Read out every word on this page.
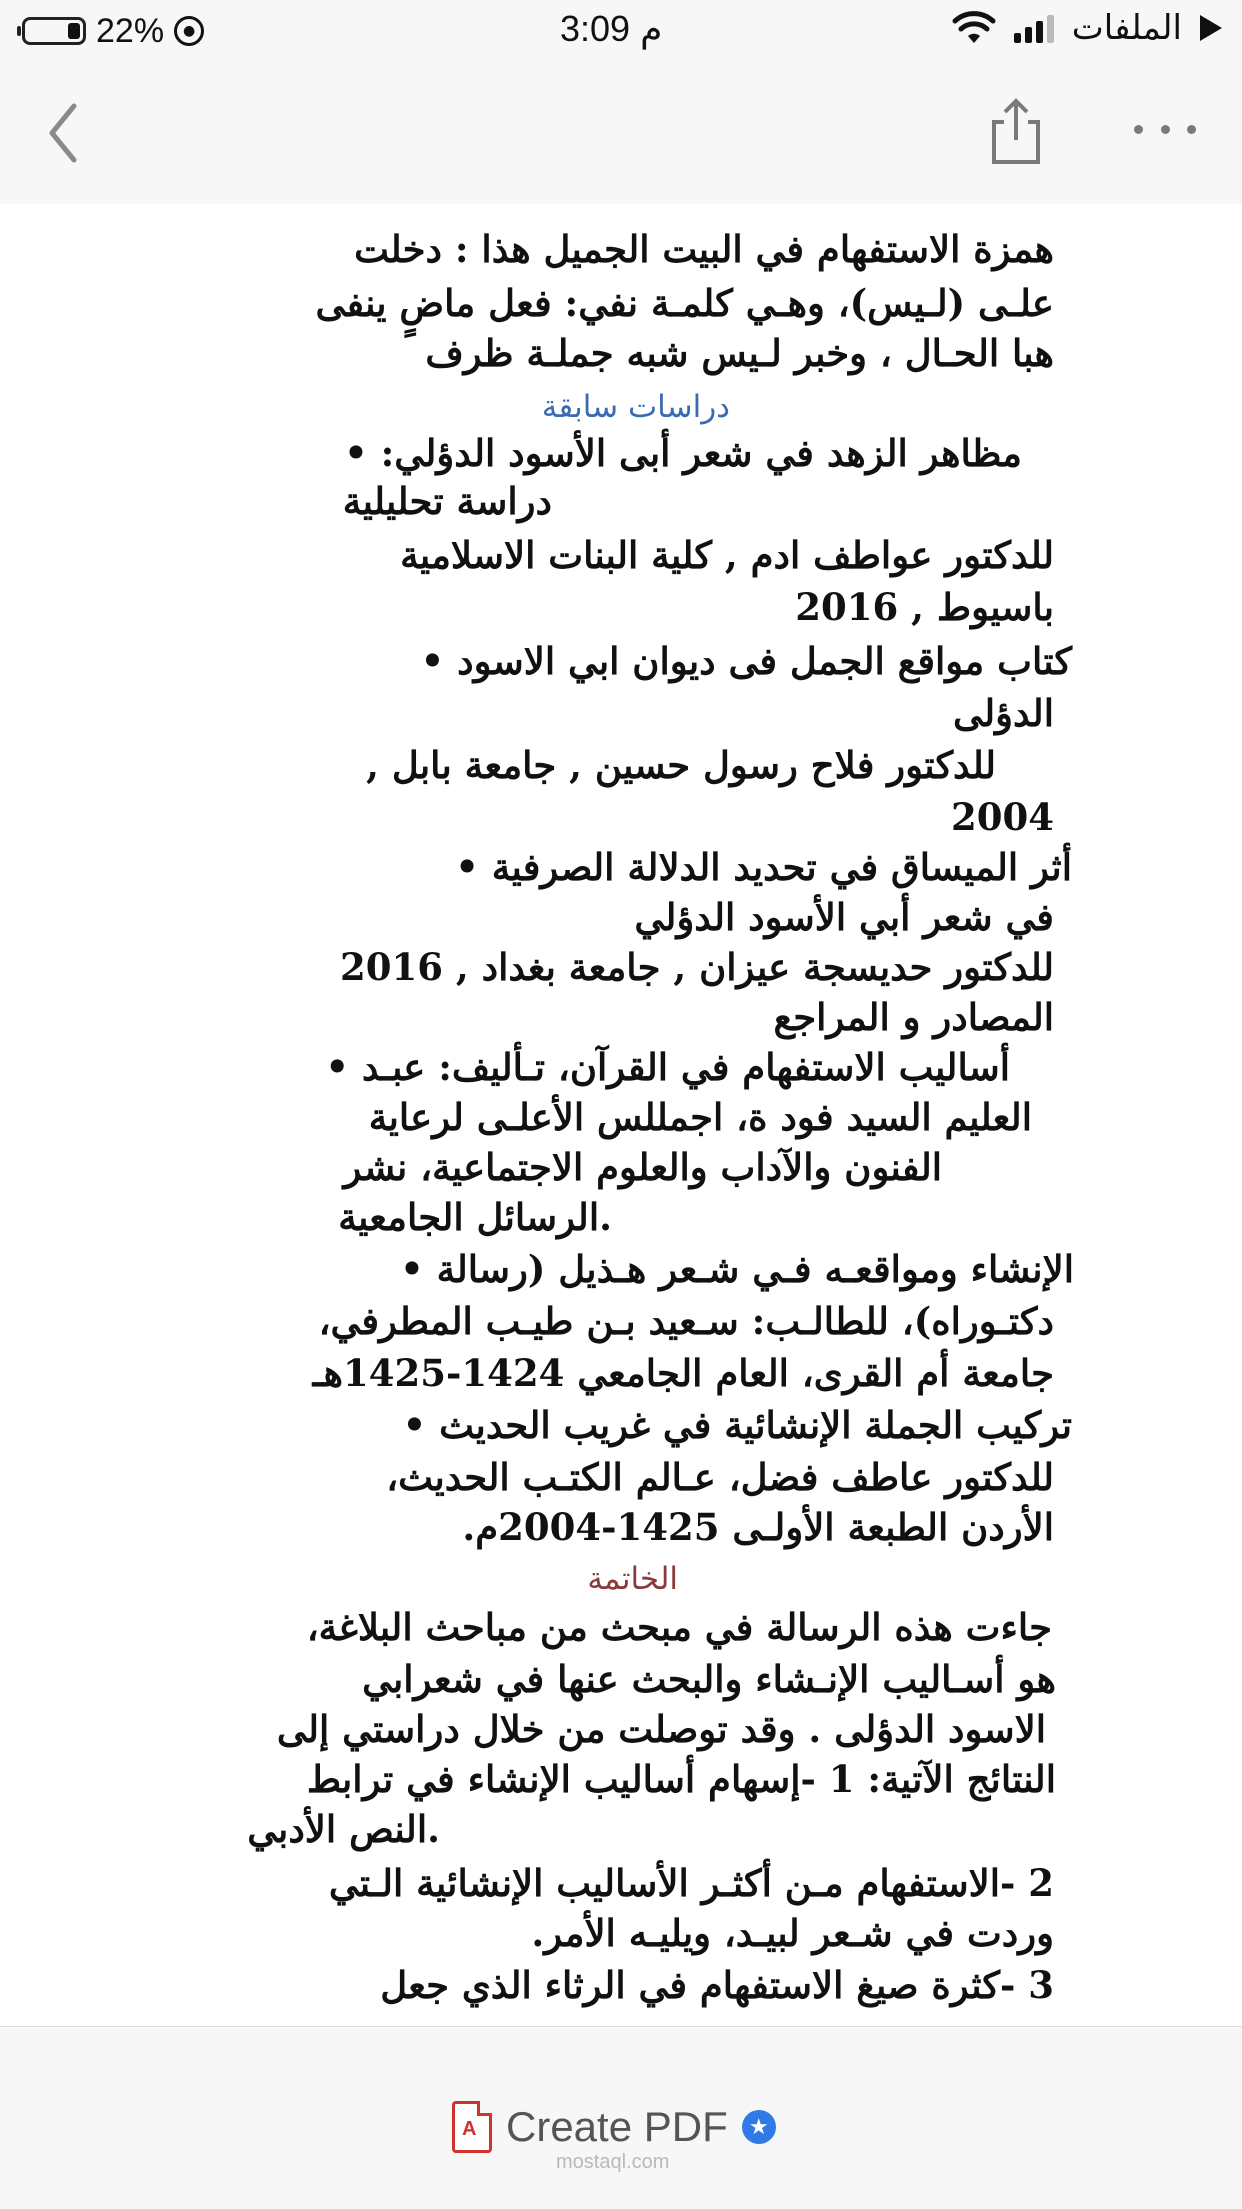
22%	●	3:09 م	الملفات
همزة الاستفهام في البيت الجميل هذا : دخلت
علـى (لـيس)، وهـي كلمـة نفي: فعل ماضٍ ينفى
هبا الحـال ، وخبر لـيس شبه جملـة ظرف
دراسات سابقة
مظاهر الزهد في شعر أبى الأسود الدؤلي: •
دراسة تحليلية
للدكتور عواطف ادم , كلية البنات الاسلامية
باسيوط , 2016
كتاب مواقع الجمل فى ديوان ابي الاسود •
الدؤلى
للدكتور فلاح رسول حسين , جامعة بابل ,
2004
أثر الميساق في تحديد الدلالة الصرفية •
في شعر أبي الأسود الدؤلي
للدكتور حديسجة عيزان , جامعة بغداد , 2016
المصادر و المراجع
أساليب الاستفهام في القرآن، تـأليف: عبـد •
العليم السيد فود ة، اجمللس الأعلـى لرعاية
الفنون والآداب والعلوم الاجتماعية، نشر
.الرسائل الجامعية
الإنشاء ومواقعـه فـي شـعر هـذيل (رسالة •
دكتـوراه)، للطالـب: سـعيد بـن طيـب المطرفي،
جامعة أم القرى، العام الجامعي 1424-1425هـ
تركيب الجملة الإنشائية في غريب الحديث •
للدكتور عاطف فضل، عـالم الكتـب الحديث،
الأردن الطبعة الأولـى 1425-2004م.
الخاتمة
جاءت هذه الرسالة في مبحث من مباحث البلاغة،
هو أسـاليب الإنـشاء والبحث عنها في شعرابي
الاسود الدؤلى . وقد توصلت من خلال دراستي إلى
النتائج الآتية: 1 -إسهام أساليب الإنشاء في ترابط
.النص الأدبي
2 -الاستفهام مـن أكثـر الأساليب الإنشائية الـتي
وردت في شـعر لبيـد، ويليـه الأمر.
3 -كثرة صيغ الاستفهام في الرثاء الذي جعل
A Create PDF ★
mostaql.com
